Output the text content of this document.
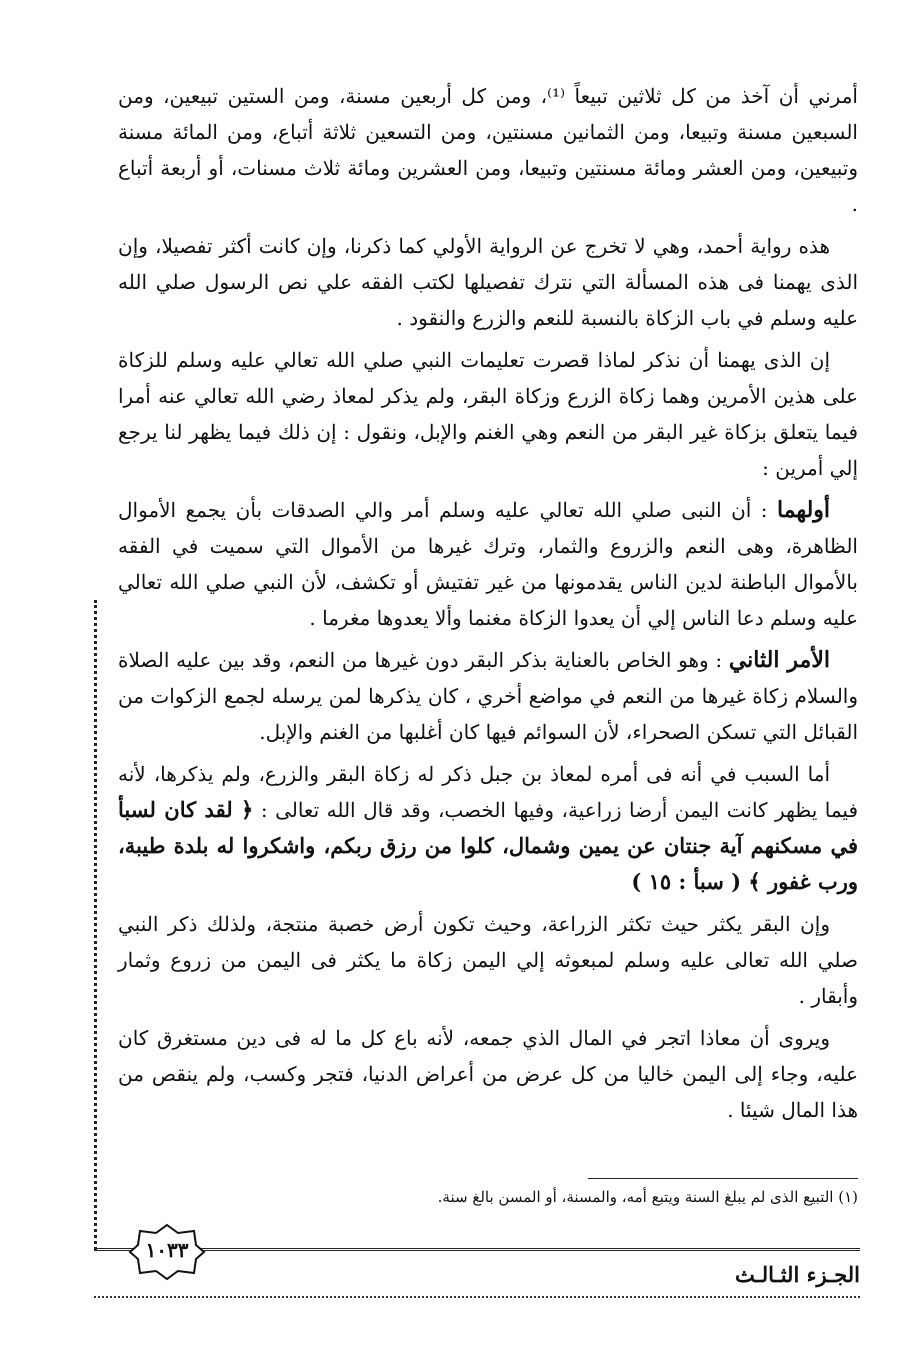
أمرني أن آخذ من كل ثلاثين تبيعاً ⁽¹⁾، ومن كل أربعين مسنة، ومن الستين تبيعين، ومن السبعين مسنة وتبيعا، ومن الثمانين مسنتين، ومن التسعين ثلاثة أتباع، ومن المائة مسنة وتبيعين، ومن العشر ومائة مسنتين وتبيعا، ومن العشرين ومائة ثلاث مسنات، أو أربعة أتباع .

هذه رواية أحمد، وهي لا تخرج عن الرواية الأولي كما ذكرنا، وإن كانت أكثر تفصيلا، وإن الذى يهمنا فى هذه المسألة التي نترك تفصيلها لكتب الفقه علي نص الرسول صلي الله عليه وسلم في باب الزكاة بالنسبة للنعم والزرع والنقود .

إن الذى يهمنا أن نذكر لماذا قصرت تعليمات النبي صلي الله تعالي عليه وسلم للزكاة على هذين الأمرين وهما زكاة الزرع وزكاة البقر، ولم يذكر لمعاذ رضي الله تعالي عنه أمرا فيما يتعلق بزكاة غير البقر من النعم وهي الغنم والإبل، ونقول : إن ذلك فيما يظهر لنا يرجع إلي أمرين :

أولهما : أن النبى صلي الله تعالي عليه وسلم أمر والي الصدقات بأن يجمع الأموال الظاهرة، وهى النعم والزروع والثمار، وترك غيرها من الأموال التي سميت في الفقه بالأموال الباطنة لدين الناس يقدمونها من غير تفتيش أو تكشف، لأن النبي صلي الله تعالي عليه وسلم دعا الناس إلي أن يعدوا الزكاة مغنما وألا يعدوها مغرما .

الأمر الثاني : وهو الخاص بالعناية بذكر البقر دون غيرها من النعم، وقد بين عليه الصلاة والسلام زكاة غيرها من النعم في مواضع أخري ، كان يذكرها لمن يرسله لجمع الزكوات من القبائل التي تسكن الصحراء، لأن السوائم فيها كان أغلبها من الغنم والإبل.

أما السبب في أنه فى أمره لمعاذ بن جبل ذكر له زكاة البقر والزرع، ولم يذكرها، لأنه فيما يظهر كانت اليمن أرضا زراعية، وفيها الخصب، وقد قال الله تعالى : ﴿ لقد كان لسبأ في مسكنهم آية جنتان عن يمين وشمال، كلوا من رزق ربكم، واشكروا له بلدة طيبة، ورب غفور ﴾ ( سبأ : ١٥ )

وإن البقر يكثر حيث تكثر الزراعة، وحيث تكون أرض خصبة منتجة، ولذلك ذكر النبي صلي الله تعالى عليه وسلم لمبعوثه إلي اليمن زكاة ما يكثر فى اليمن من زروع وثمار وأبقار .

ويروى أن معاذا اتجر في المال الذي جمعه، لأنه باع كل ما له فى دين مستغرق كان عليه، وجاء إلى اليمن خاليا من كل عرض من أعراض الدنيا، فتجر وكسب، ولم ينقص من هذا المال شيئا .

(١) التبيع الذى لم يبلغ السنة ويتبع أمه، والمسنة، أو المسن بالغ سنة.
١٠٣٣
الجـزء الثـالـث
